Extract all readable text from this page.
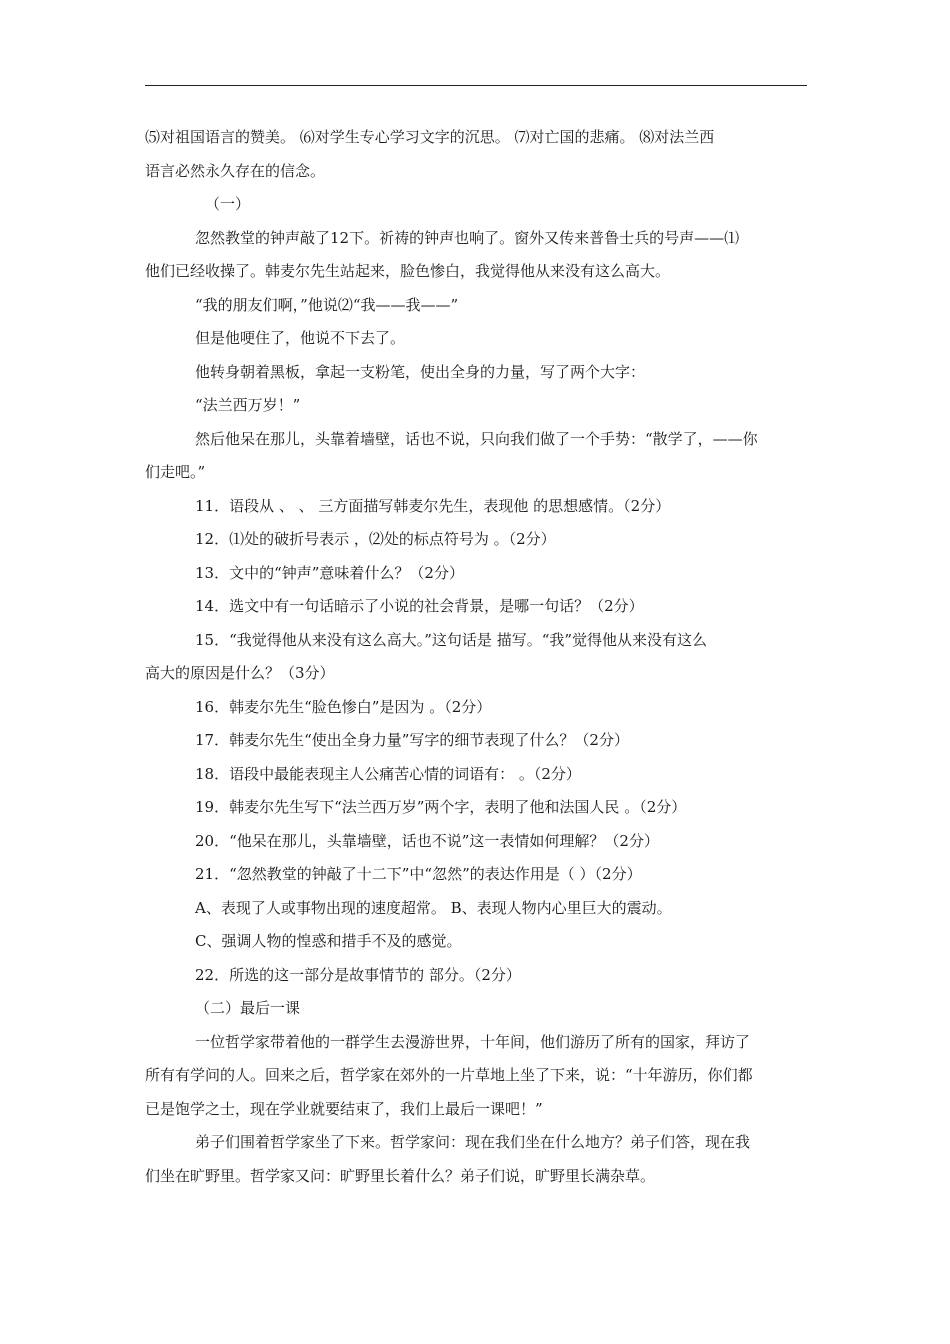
⑸对祖国语言的赞美。 ⑹对学生专心学习文字的沉思。 ⑺对亡国的悲痛。 ⑻对法兰西
语言必然永久存在的信念。
（一）
忽然教堂的钟声敲了12下。祈祷的钟声也响了。窗外又传来普鲁士兵的号声——⑴
他们已经收操了。韩麦尔先生站起来，脸色惨白，我觉得他从来没有这么高大。
“我的朋友们啊，”他说⑵“我——我——”
但是他哽住了，他说不下去了。
他转身朝着黑板，拿起一支粉笔，使出全身的力量，写了两个大字：
“法兰西万岁！”
然后他呆在那儿，头靠着墙壁，话也不说，只向我们做了一个手势：“散学了，——你
们走吧。”
11．语段从 、 、 三方面描写韩麦尔先生，表现他 的思想感情。（2分）
12．⑴处的破折号表示 ，⑵处的标点符号为 。（2分）
13．文中的“钟声”意味着什么？（2分）
14．选文中有一句话暗示了小说的社会背景，是哪一句话？（2分）
15．“我觉得他从来没有这么高大。”这句话是 描写。“我”觉得他从来没有这么
高大的原因是什么？（3分）
16．韩麦尔先生“脸色惨白”是因为 。（2分）
17．韩麦尔先生“使出全身力量”写字的细节表现了什么？（2分）
18．语段中最能表现主人公痛苦心情的词语有： 。（2分）
19．韩麦尔先生写下“法兰西万岁”两个字，表明了他和法国人民 。（2分）
20．“他呆在那儿，头靠墙壁，话也不说”这一表情如何理解？（2分）
21．“忽然教堂的钟敲了十二下”中“忽然”的表达作用是（ ）（2分）
A、表现了人或事物出现的速度超常。 B、表现人物内心里巨大的震动。
C、强调人物的惶惑和措手不及的感觉。
22．所选的这一部分是故事情节的 部分。（2分）
（二）最后一课
一位哲学家带着他的一群学生去漫游世界，十年间，他们游历了所有的国家，拜访了
所有有学问的人。回来之后，哲学家在郊外的一片草地上坐了下来，说：“十年游历，你们都
已是饱学之士，现在学业就要结束了，我们上最后一课吧！”
弟子们围着哲学家坐了下来。哲学家问：现在我们坐在什么地方？弟子们答，现在我
们坐在旷野里。哲学家又问：旷野里长着什么？弟子们说，旷野里长满杂草。
